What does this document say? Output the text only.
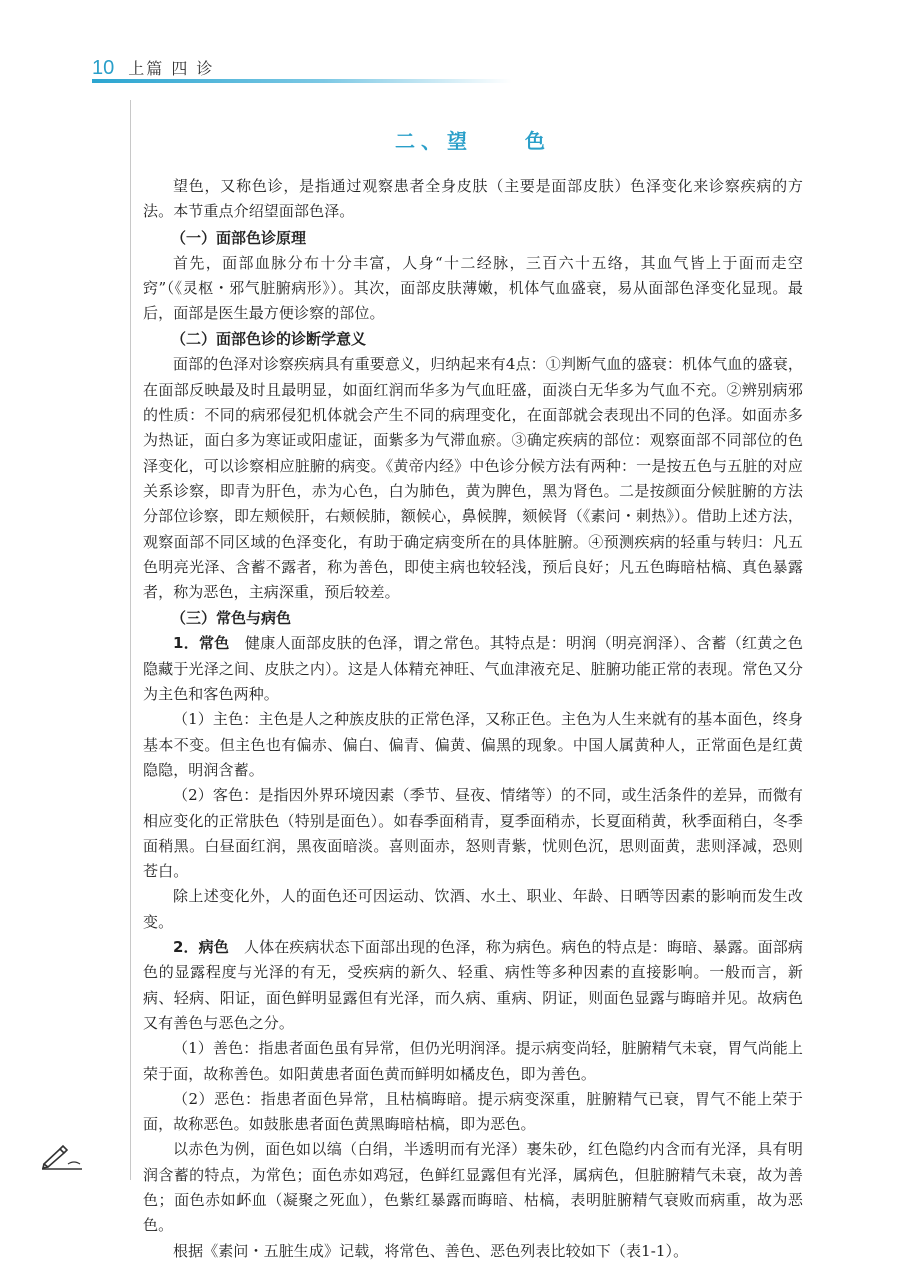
10 上篇 四 诊
二、望　　色

望色，又称色诊，是指通过观察患者全身皮肤（主要是面部皮肤）色泽变化来诊察疾病的方法。本节重点介绍望面部色泽。

（一）面部色诊原理

首先，面部血脉分布十分丰富，人身“十二经脉，三百六十五络，其血气皆上于面而走空窍”（《灵枢・邪气脏腑病形》）。其次，面部皮肤薄嫩，机体气血盛衰，易从面部色泽变化显现。最后，面部是医生最方便诊察的部位。

（二）面部色诊的诊断学意义

面部的色泽对诊察疾病具有重要意义，归纳起来有4点：①判断气血的盛衰：机体气血的盛衰，在面部反映最及时且最明显，如面红润而华多为气血旺盛，面淡白无华多为气血不充。②辨别病邪的性质：不同的病邪侵犯机体就会产生不同的病理变化，在面部就会表现出不同的色泽。如面赤多为热证，面白多为寒证或阳虚证，面紫多为气滞血瘀。③确定疾病的部位：观察面部不同部位的色泽变化，可以诊察相应脏腑的病变。《黄帝内经》中色诊分候方法有两种：一是按五色与五脏的对应关系诊察，即青为肝色，赤为心色，白为肺色，黄为脾色，黑为肾色。二是按颜面分候脏腑的方法分部位诊察，即左颊候肝，右颊候肺，额候心，鼻候脾，颏候肾（《素问・刺热》）。借助上述方法，观察面部不同区域的色泽变化，有助于确定病变所在的具体脏腑。④预测疾病的轻重与转归：凡五色明亮光泽、含蓄不露者，称为善色，即使主病也较轻浅，预后良好；凡五色晦暗枯槁、真色暴露者，称为恶色，主病深重，预后较差。

（三）常色与病色

1．常色　健康人面部皮肤的色泽，谓之常色。其特点是：明润（明亮润泽）、含蓄（红黄之色隐藏于光泽之间、皮肤之内）。这是人体精充神旺、气血津液充足、脏腑功能正常的表现。常色又分为主色和客色两种。

（1）主色：主色是人之种族皮肤的正常色泽，又称正色。主色为人生来就有的基本面色，终身基本不变。但主色也有偏赤、偏白、偏青、偏黄、偏黑的现象。中国人属黄种人，正常面色是红黄隐隐，明润含蓄。

（2）客色：是指因外界环境因素（季节、昼夜、情绪等）的不同，或生活条件的差异，而微有相应变化的正常肤色（特别是面色）。如春季面稍青，夏季面稍赤，长夏面稍黄，秋季面稍白，冬季面稍黑。白昼面红润，黑夜面暗淡。喜则面赤，怒则青紫，忧则色沉，思则面黄，悲则泽减，恐则苍白。

除上述变化外，人的面色还可因运动、饮酒、水土、职业、年龄、日晒等因素的影响而发生改变。

2．病色　人体在疾病状态下面部出现的色泽，称为病色。病色的特点是：晦暗、暴露。面部病色的显露程度与光泽的有无，受疾病的新久、轻重、病性等多种因素的直接影响。一般而言，新病、轻病、阳证，面色鲜明显露但有光泽，而久病、重病、阴证，则面色显露与晦暗并见。故病色又有善色与恶色之分。

（1）善色：指患者面色虽有异常，但仍光明润泽。提示病变尚轻，脏腑精气未衰，胃气尚能上荣于面，故称善色。如阳黄患者面色黄而鲜明如橘皮色，即为善色。

（2）恶色：指患者面色异常，且枯槁晦暗。提示病变深重，脏腑精气已衰，胃气不能上荣于面，故称恶色。如鼓胀患者面色黄黑晦暗枯槁，即为恶色。

以赤色为例，面色如以缟（白绢，半透明而有光泽）裹朱砂，红色隐约内含而有光泽，具有明润含蓄的特点，为常色；面色赤如鸡冠，色鲜红显露但有光泽，属病色，但脏腑精气未衰，故为善色；面色赤如衃血（凝聚之死血），色紫红暴露而晦暗、枯槁，表明脏腑精气衰败而病重，故为恶色。

根据《素问・五脏生成》记载，将常色、善色、恶色列表比较如下（表1-1）。
